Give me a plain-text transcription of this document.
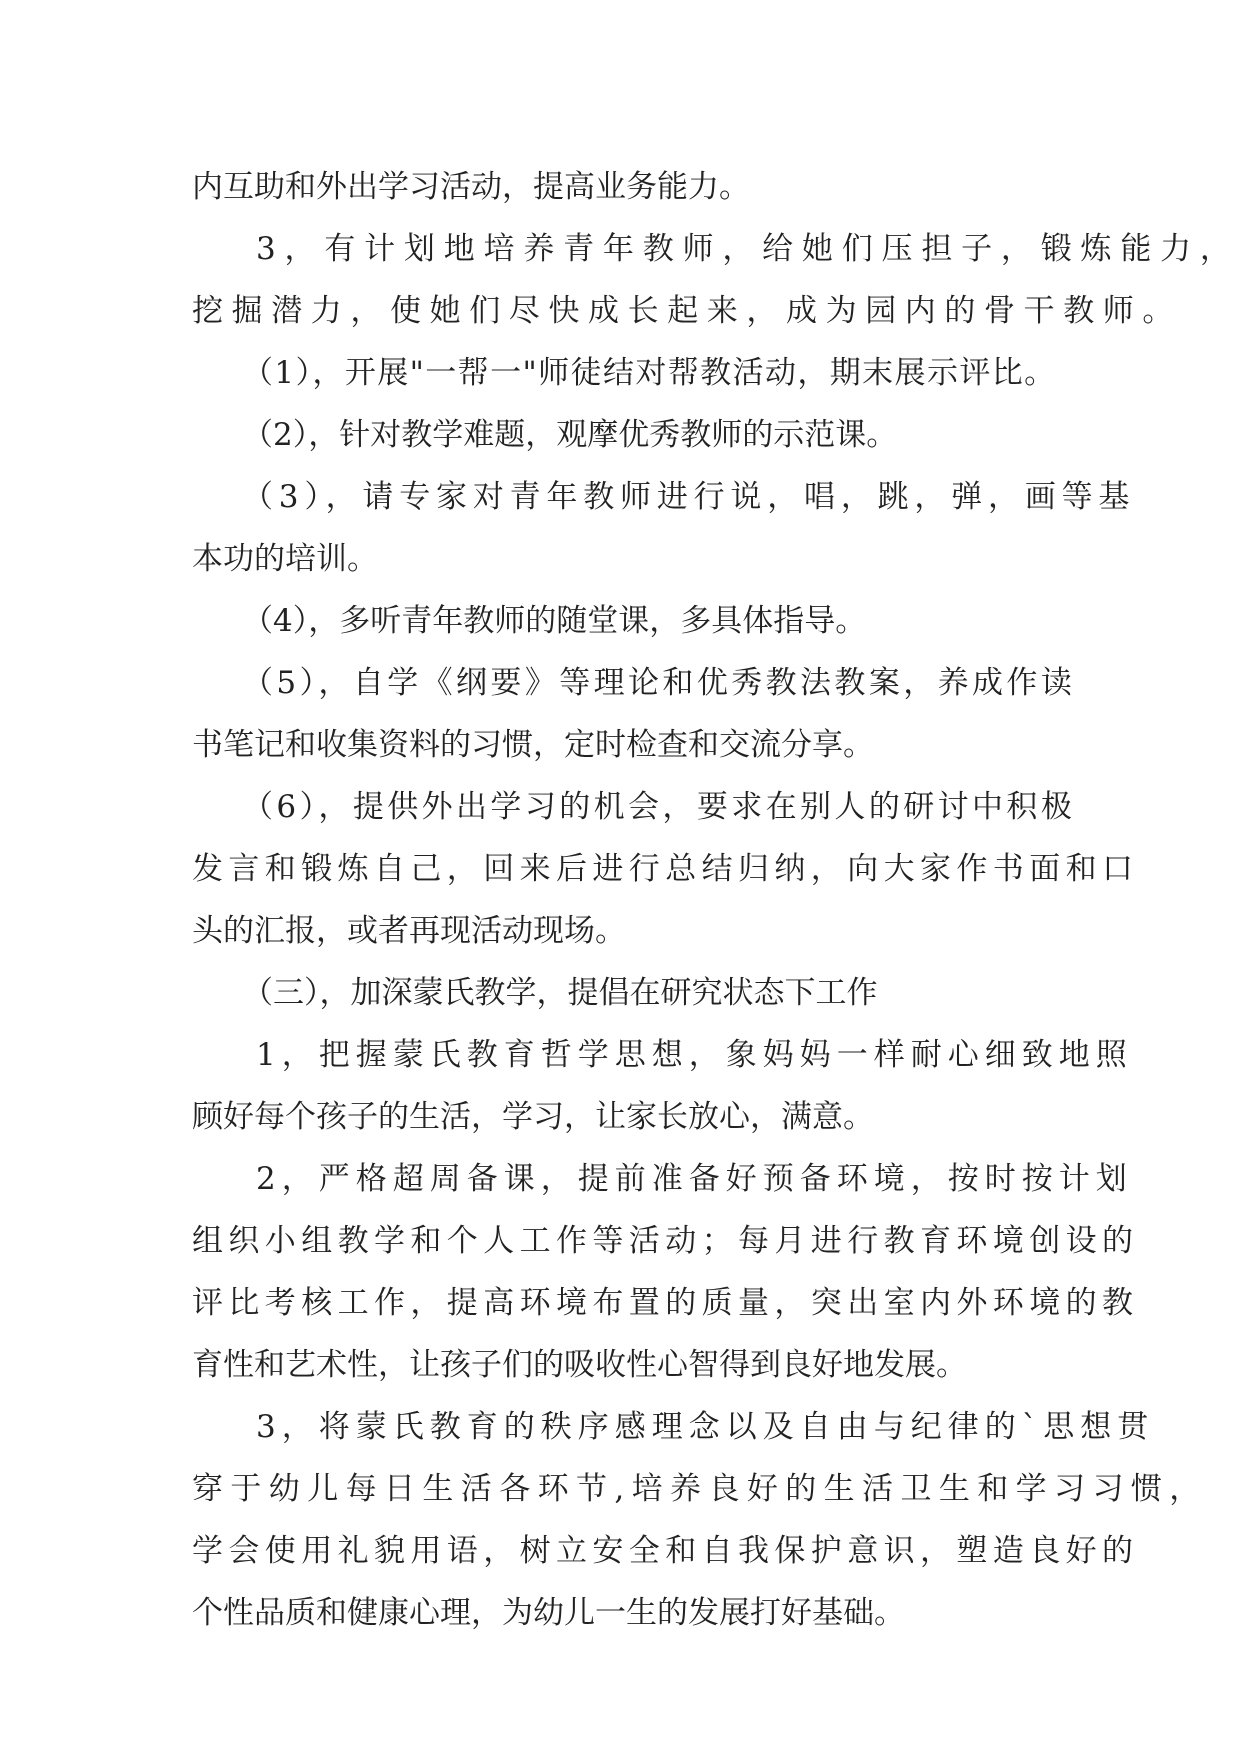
内互助和外出学习活动，提高业务能力。
3，有计划地培养青年教师，给她们压担子，锻炼能力，
挖掘潜力，使她们尽快成长起来，成为园内的骨干教师。
（1），开展"一帮一"师徒结对帮教活动，期末展示评比。
（2），针对教学难题，观摩优秀教师的示范课。
（3），请专家对青年教师进行说，唱，跳，弹，画等基
本功的培训。
（4），多听青年教师的随堂课，多具体指导。
（5），自学《纲要》等理论和优秀教法教案，养成作读
书笔记和收集资料的习惯，定时检查和交流分享。
（6），提供外出学习的机会，要求在别人的研讨中积极
发言和锻炼自己，回来后进行总结归纳，向大家作书面和口
头的汇报，或者再现活动现场。
（三），加深蒙氏教学，提倡在研究状态下工作
1，把握蒙氏教育哲学思想，象妈妈一样耐心细致地照
顾好每个孩子的生活，学习，让家长放心，满意。
2，严格超周备课，提前准备好预备环境，按时按计划
组织小组教学和个人工作等活动；每月进行教育环境创设的
评比考核工作，提高环境布置的质量，突出室内外环境的教
育性和艺术性，让孩子们的吸收性心智得到良好地发展。
3，将蒙氏教育的秩序感理念以及自由与纪律的`思想贯
穿于幼儿每日生活各环节,培养良好的生活卫生和学习习惯，
学会使用礼貌用语，树立安全和自我保护意识，塑造良好的
个性品质和健康心理，为幼儿一生的发展打好基础。
